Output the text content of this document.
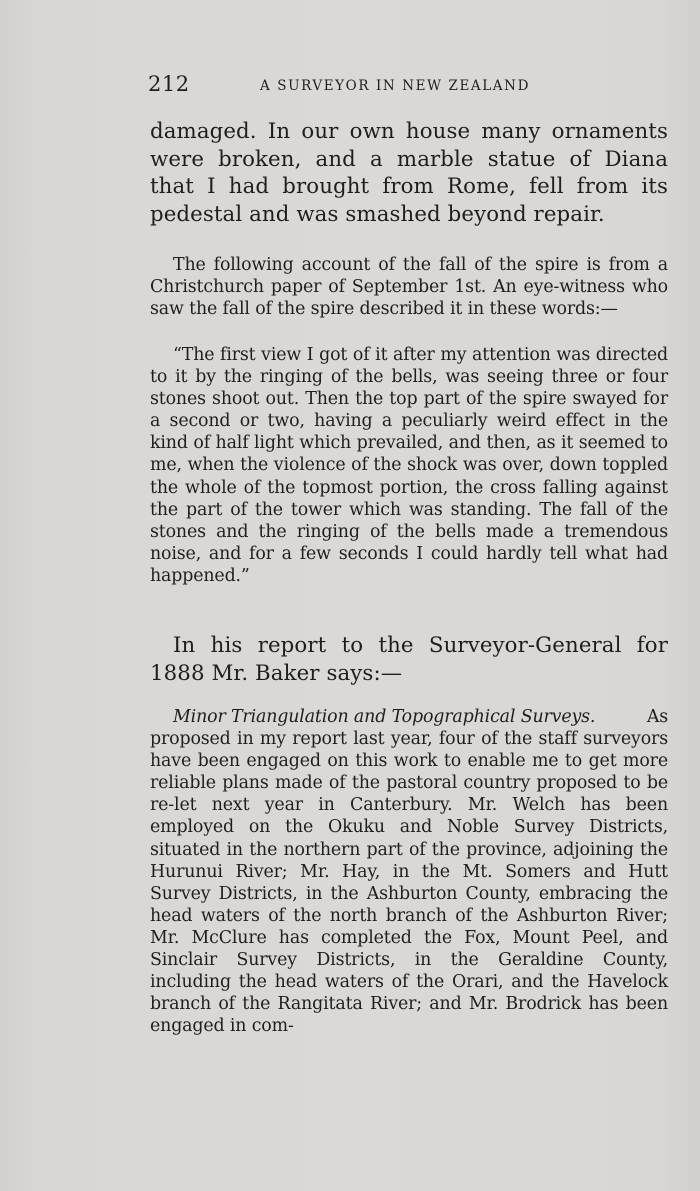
212	A SURVEYOR IN NEW ZEALAND

damaged. In our own house many ornaments were broken, and a marble statue of Diana that I had brought from Rome, fell from its pedestal and was smashed beyond repair.

The following account of the fall of the spire is from a Christchurch paper of September 1st. An eye-witness who saw the fall of the spire described it in these words:—

“The first view I got of it after my attention was directed to it by the ringing of the bells, was seeing three or four stones shoot out. Then the top part of the spire swayed for a second or two, having a peculiarly weird effect in the kind of half light which prevailed, and then, as it seemed to me, when the violence of the shock was over, down toppled the whole of the topmost portion, the cross falling against the part of the tower which was standing. The fall of the stones and the ringing of the bells made a tremendous noise, and for a few seconds I could hardly tell what had happened.”

In his report to the Surveyor-General for 1888 Mr. Baker says:—

Minor Triangulation and Topographical Surveys.	As proposed in my report last year, four of the staff surveyors have been engaged on this work to enable me to get more reliable plans made of the pastoral country proposed to be re-let next year in Canterbury. Mr. Welch has been employed on the Okuku and Noble Survey Districts, situated in the northern part of the province, adjoining the Hurunui River; Mr. Hay, in the Mt. Somers and Hutt Survey Districts, in the Ashburton County, embracing the head waters of the north branch of the Ashburton River; Mr. McClure has completed the Fox, Mount Peel, and Sinclair Survey Districts, in the Geraldine County, including the head waters of the Orari, and the Havelock branch of the Rangitata River; and Mr. Brodrick has been engaged in com-
